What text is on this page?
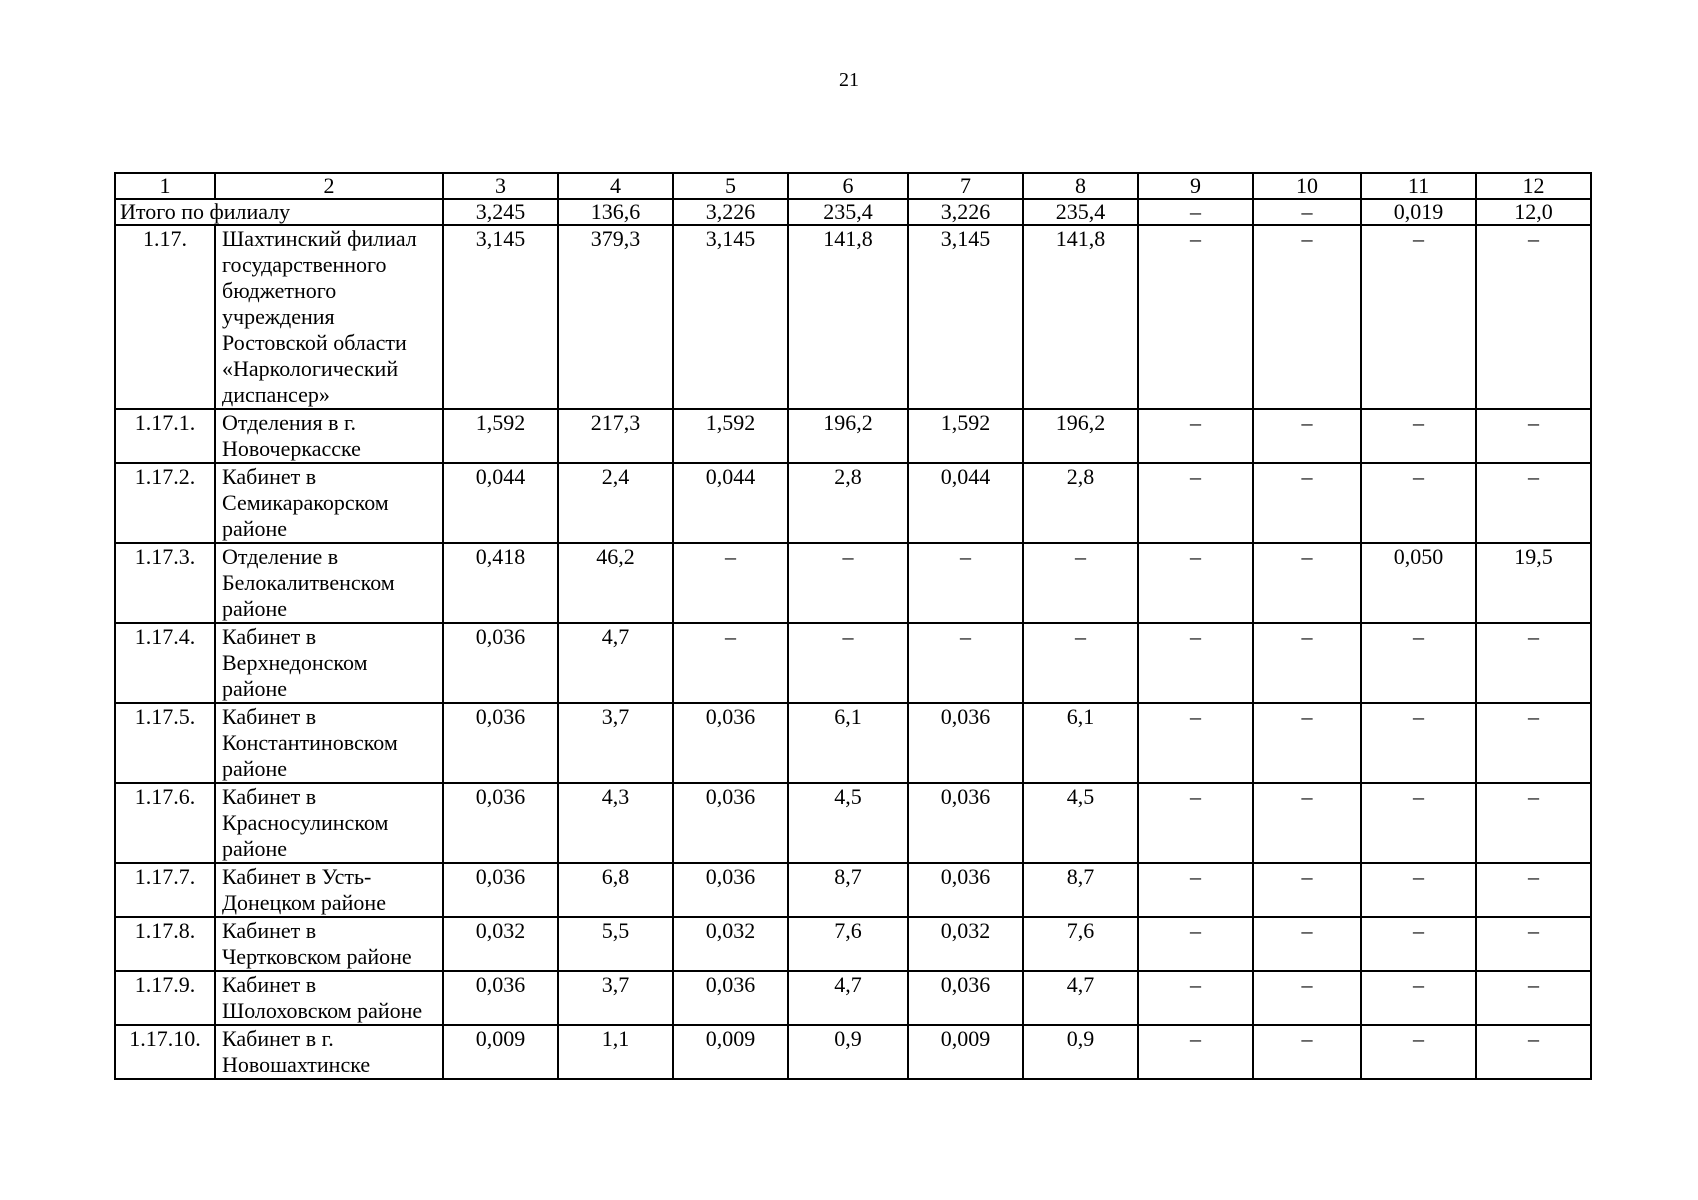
21
1	2	3	4	5	6	7	8	9	10	11	12
Итого по филиалу		3,245	136,6	3,226	235,4	3,226	235,4	–	–	0,019	12,0
1.17.	Шахтинский филиал государственного бюджетного учреждения Ростовской области «Наркологический диспансер»	3,145	379,3	3,145	141,8	3,145	141,8	–	–	–	–
1.17.1.	Отделения в г. Новочеркасске	1,592	217,3	1,592	196,2	1,592	196,2	–	–	–	–
1.17.2.	Кабинет в Семикаракорском районе	0,044	2,4	0,044	2,8	0,044	2,8	–	–	–	–
1.17.3.	Отделение в Белокалитвенском районе	0,418	46,2	–	–	–	–	–	–	0,050	19,5
1.17.4.	Кабинет в Верхнедонском районе	0,036	4,7	–	–	–	–	–	–	–	–
1.17.5.	Кабинет в Константиновском районе	0,036	3,7	0,036	6,1	0,036	6,1	–	–	–	–
1.17.6.	Кабинет в Красносулинском районе	0,036	4,3	0,036	4,5	0,036	4,5	–	–	–	–
1.17.7.	Кабинет в Усть-Донецком районе	0,036	6,8	0,036	8,7	0,036	8,7	–	–	–	–
1.17.8.	Кабинет в Чертковском районе	0,032	5,5	0,032	7,6	0,032	7,6	–	–	–	–
1.17.9.	Кабинет в Шолоховском районе	0,036	3,7	0,036	4,7	0,036	4,7	–	–	–	–
1.17.10.	Кабинет в г. Новошахтинске	0,009	1,1	0,009	0,9	0,009	0,9	–	–	–	–
